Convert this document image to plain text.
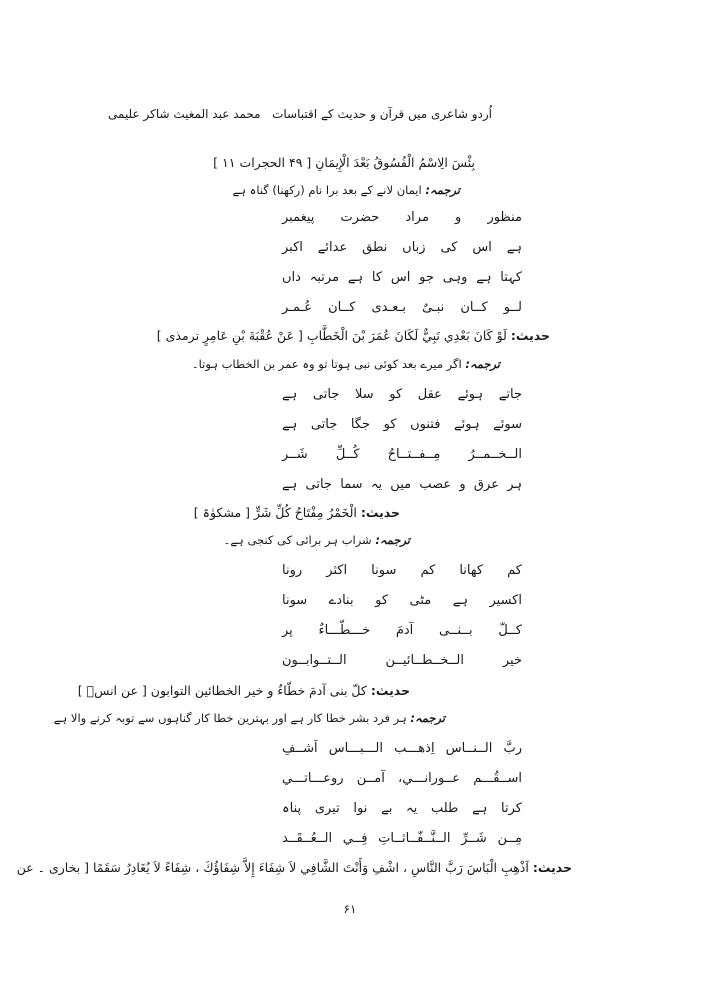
اُردو شاعری میں قرآن و حدیث کے اقتباسات
محمد عبد المغیث شاکر علیمی
بِئْسَ الِاسْمُ الْفُسُوقُ بَعْدَ الْإِيمَانِ [ ۴۹ الحجرات ۱۱ ]
ترجمہ: ایمان لانے کے بعد برا نام (رکھنا) گناہ ہے
منظور و مراد حضرت پیغمبر
ہے اس کی زباں نطق عدائے اکبر
کہتا ہے وہی جو اس کا ہے مرتبہ داں
لــو کــان نبـیٌ بـعـدی کــان عُـمـر
حدیث: لَوْ كَانَ بَعْدِي نَبِيٌّ لَكَانَ عُمَرَ بْنَ الْخَطَّابِ [ عَنْ عُقْبَةَ بْنِ عَامِرٍ ترمذی ]
ترجمہ: اگر میرے بعد کوئی نبی ہوتا تو وہ عمر بن الخطاب ہوتا۔
جاتے ہوئے عقل کو سلا جاتی ہے
سوئے ہوئے فتنوں کو جگا جاتی ہے
الــخــمــرُ مِــفــتــاحُ کُــلِّ شَــر
ہر عرق و عصب میں یہ سما جاتی ہے
حدیث: الْخَمْرُ مِفْتَاحُ كُلِّ شَرٍّ [ مشکوٰۃ ]
ترجمہ: شراب ہر برائی کی کنجی ہے۔
کم کھانا کم سونا اکثر رونا
اکسیر ہے مٹی کو بنادے سونا
کــلّ بــنــی آدمَ خـــطّـــاءٌ پر
خیر الــخــطــائیــن الــتــوابــون
حدیث: کلّ بنی آدمَ خطّاءٌ و خیر الخطائین التوابون [ عن انسؓ ]
ترجمہ: ہر فرد بشر خطا کار ہے اور بہترین خطا کار گناہوں سے توبہ کرنے والا ہے
ربَّ الــنــاس اِذهـــب الـــبـــاس اَشــفِ
اســقُـــم عــورانـــي، آمــن روعـــاتـــي
کرتا ہے طلب یہ بے نوا تیری پناہ
مِــن شَــرِّ الــنَّــفّــاثــاتِ فِــي الــعُــقَــد
حدیث: اَذْهِبِ الْبَاسَ رَبَّ النَّاسِ ، اشْفِ وَأَنْتَ الشَّافِي لاَ شِفَاءَ إِلاَّ شِفَاؤُكَ ، شِفَاءً لاَ يُغَادِرُ سَقَمًا [ بخاری ۔ عن
۶۱
